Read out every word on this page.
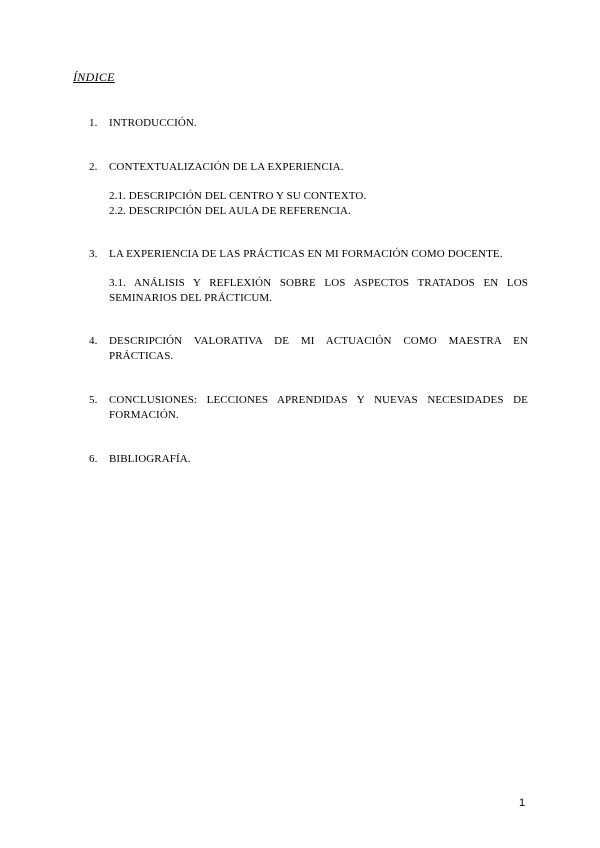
ÍNDICE
1. INTRODUCCIÓN.
2. CONTEXTUALIZACIÓN DE LA EXPERIENCIA.
2.1. DESCRIPCIÓN DEL CENTRO Y SU CONTEXTO.
2.2. DESCRIPCIÓN DEL AULA DE REFERENCIA.
3. LA EXPERIENCIA DE LAS PRÁCTICAS EN MI FORMACIÓN COMO DOCENTE.
3.1. ANÁLISIS Y REFLEXIÓN SOBRE LOS ASPECTOS TRATADOS EN LOS SEMINARIOS DEL PRÁCTICUM.
4. DESCRIPCIÓN VALORATIVA DE MI ACTUACIÓN COMO MAESTRA EN PRÁCTICAS.
5. CONCLUSIONES: LECCIONES APRENDIDAS Y NUEVAS NECESIDADES DE FORMACIÓN.
6. BIBLIOGRAFÍA.
1
